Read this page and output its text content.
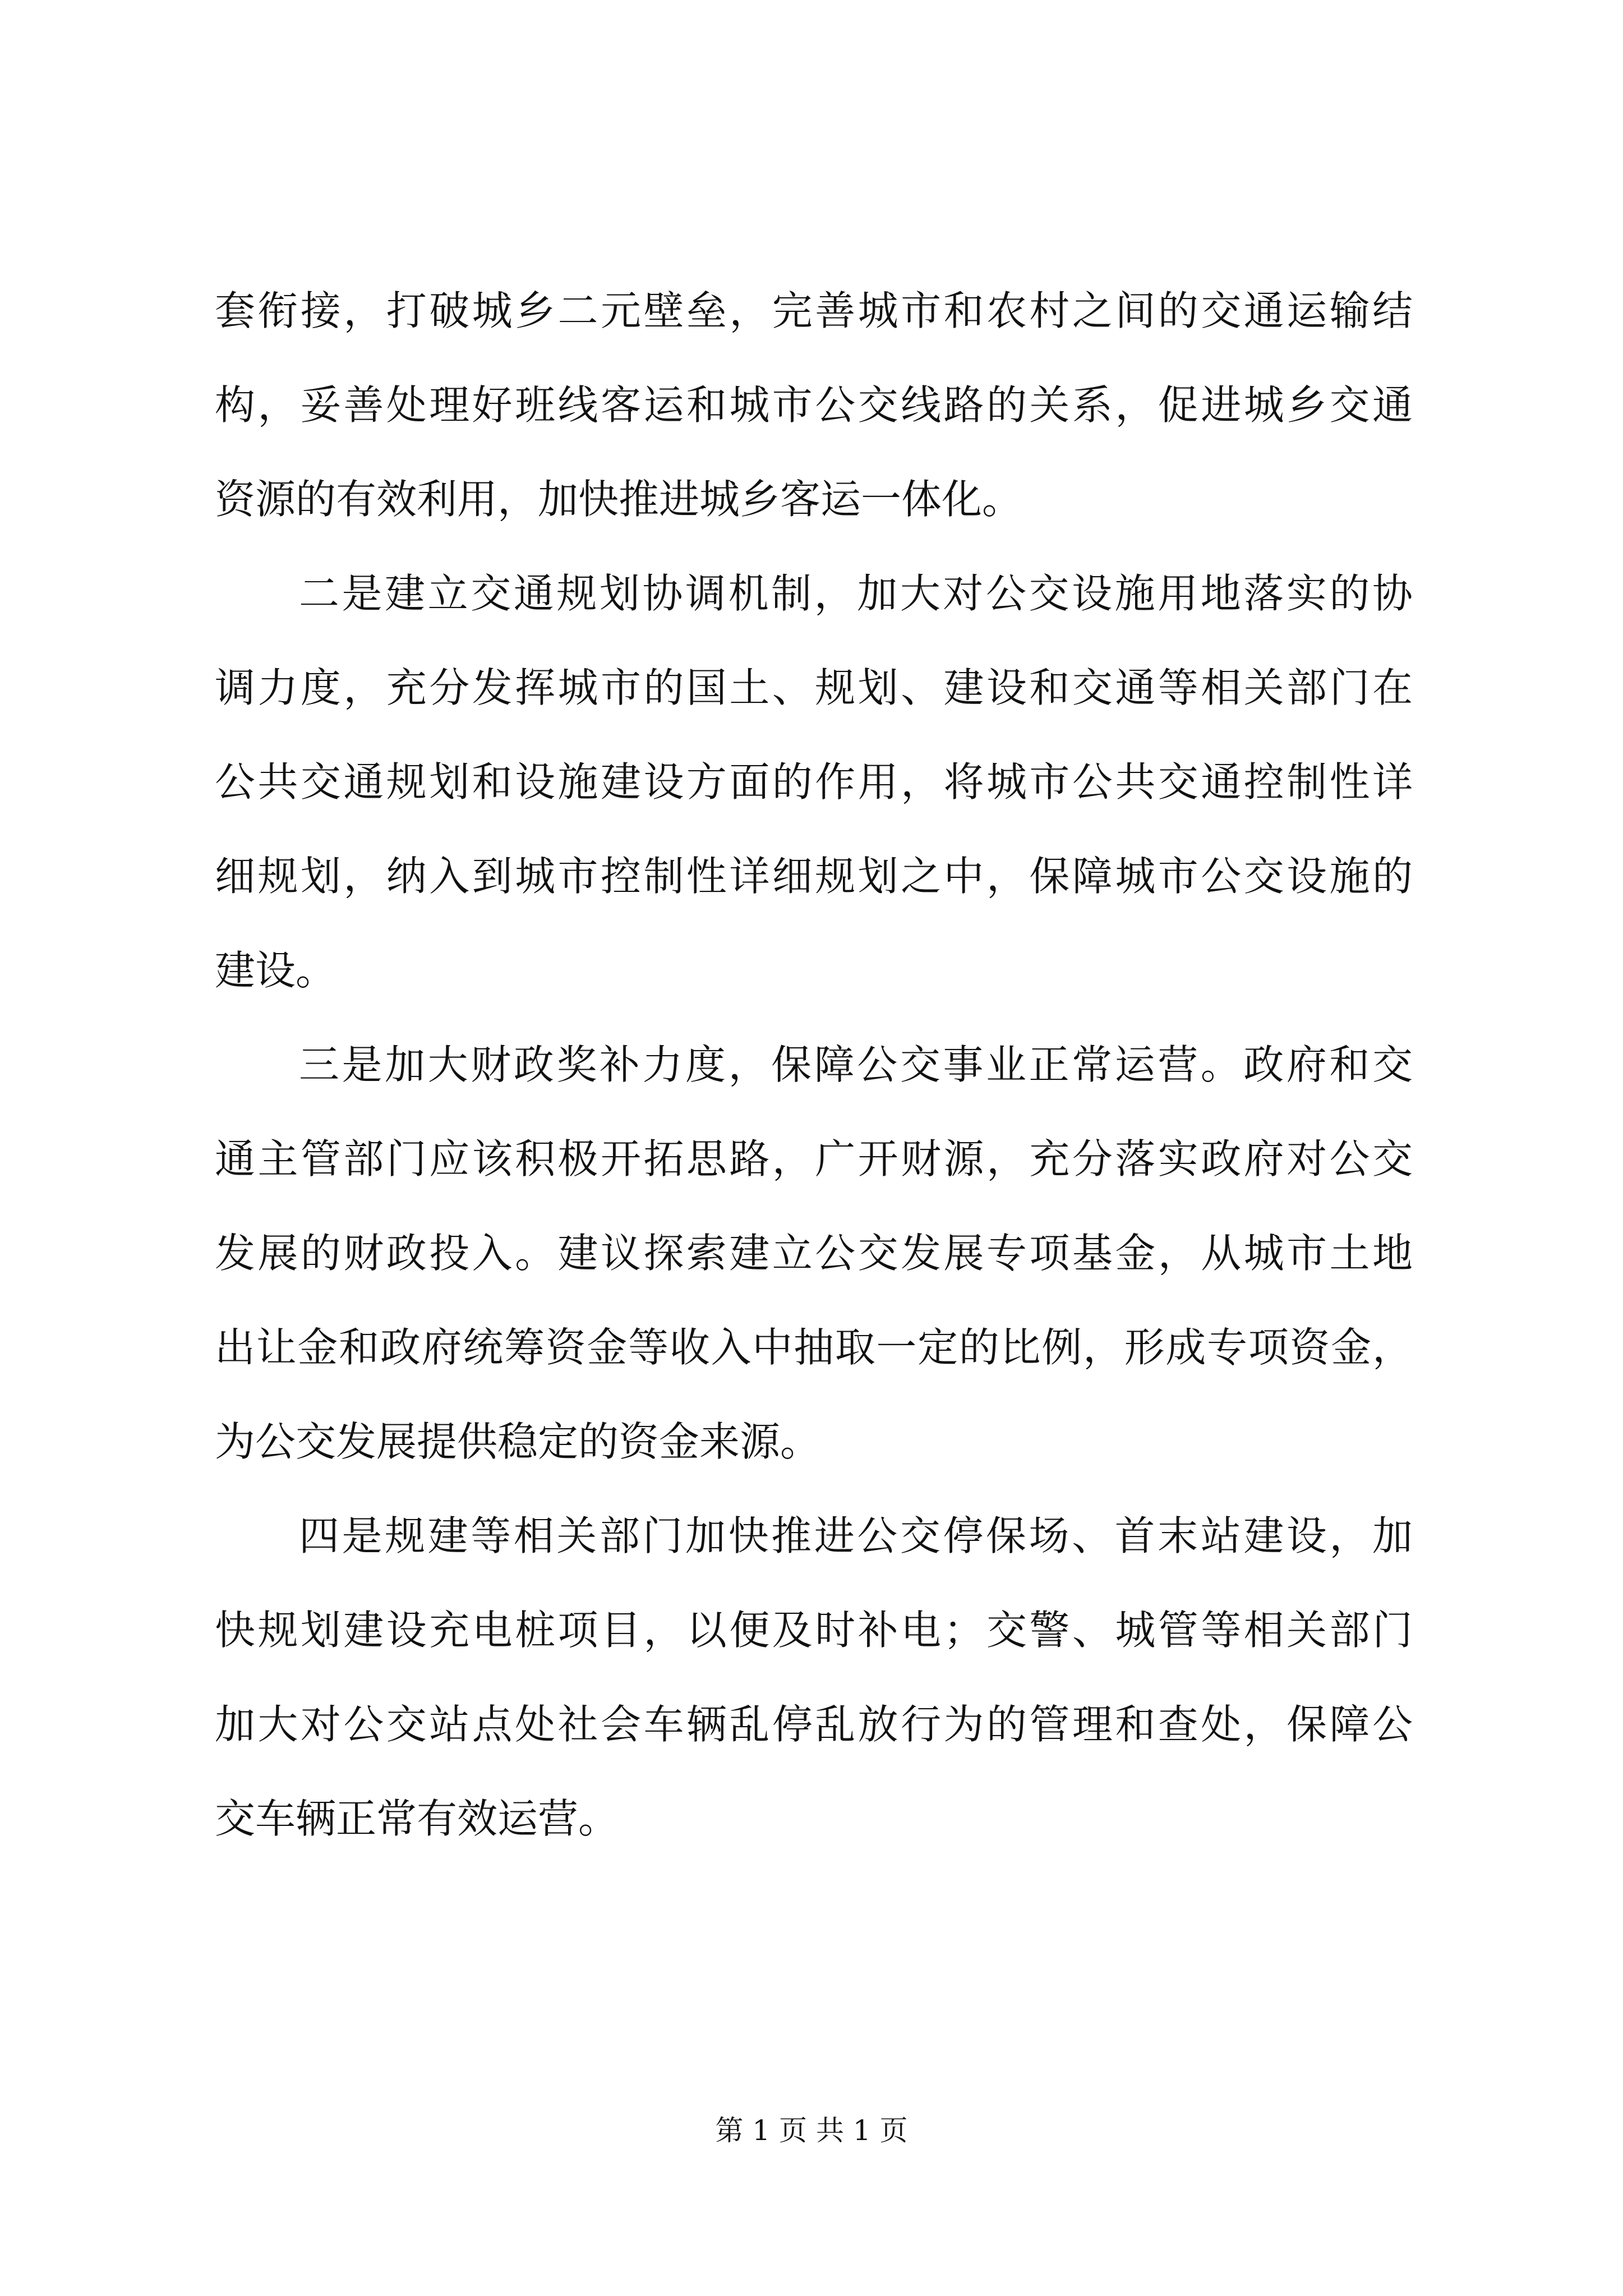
套衔接，打破城乡二元壁垒，完善城市和农村之间的交通运输结
构，妥善处理好班线客运和城市公交线路的关系，促进城乡交通
资源的有效利用，加快推进城乡客运一体化。
二是建立交通规划协调机制，加大对公交设施用地落实的协
调力度，充分发挥城市的国土、规划、建设和交通等相关部门在
公共交通规划和设施建设方面的作用，将城市公共交通控制性详
细规划，纳入到城市控制性详细规划之中，保障城市公交设施的
建设。
三是加大财政奖补力度，保障公交事业正常运营。政府和交
通主管部门应该积极开拓思路，广开财源，充分落实政府对公交
发展的财政投入。建议探索建立公交发展专项基金，从城市土地
出让金和政府统筹资金等收入中抽取一定的比例，形成专项资金，
为公交发展提供稳定的资金来源。
四是规建等相关部门加快推进公交停保场、首末站建设，加
快规划建设充电桩项目，以便及时补电；交警、城管等相关部门
加大对公交站点处社会车辆乱停乱放行为的管理和查处，保障公
交车辆正常有效运营。
第 1 页 共 1 页
